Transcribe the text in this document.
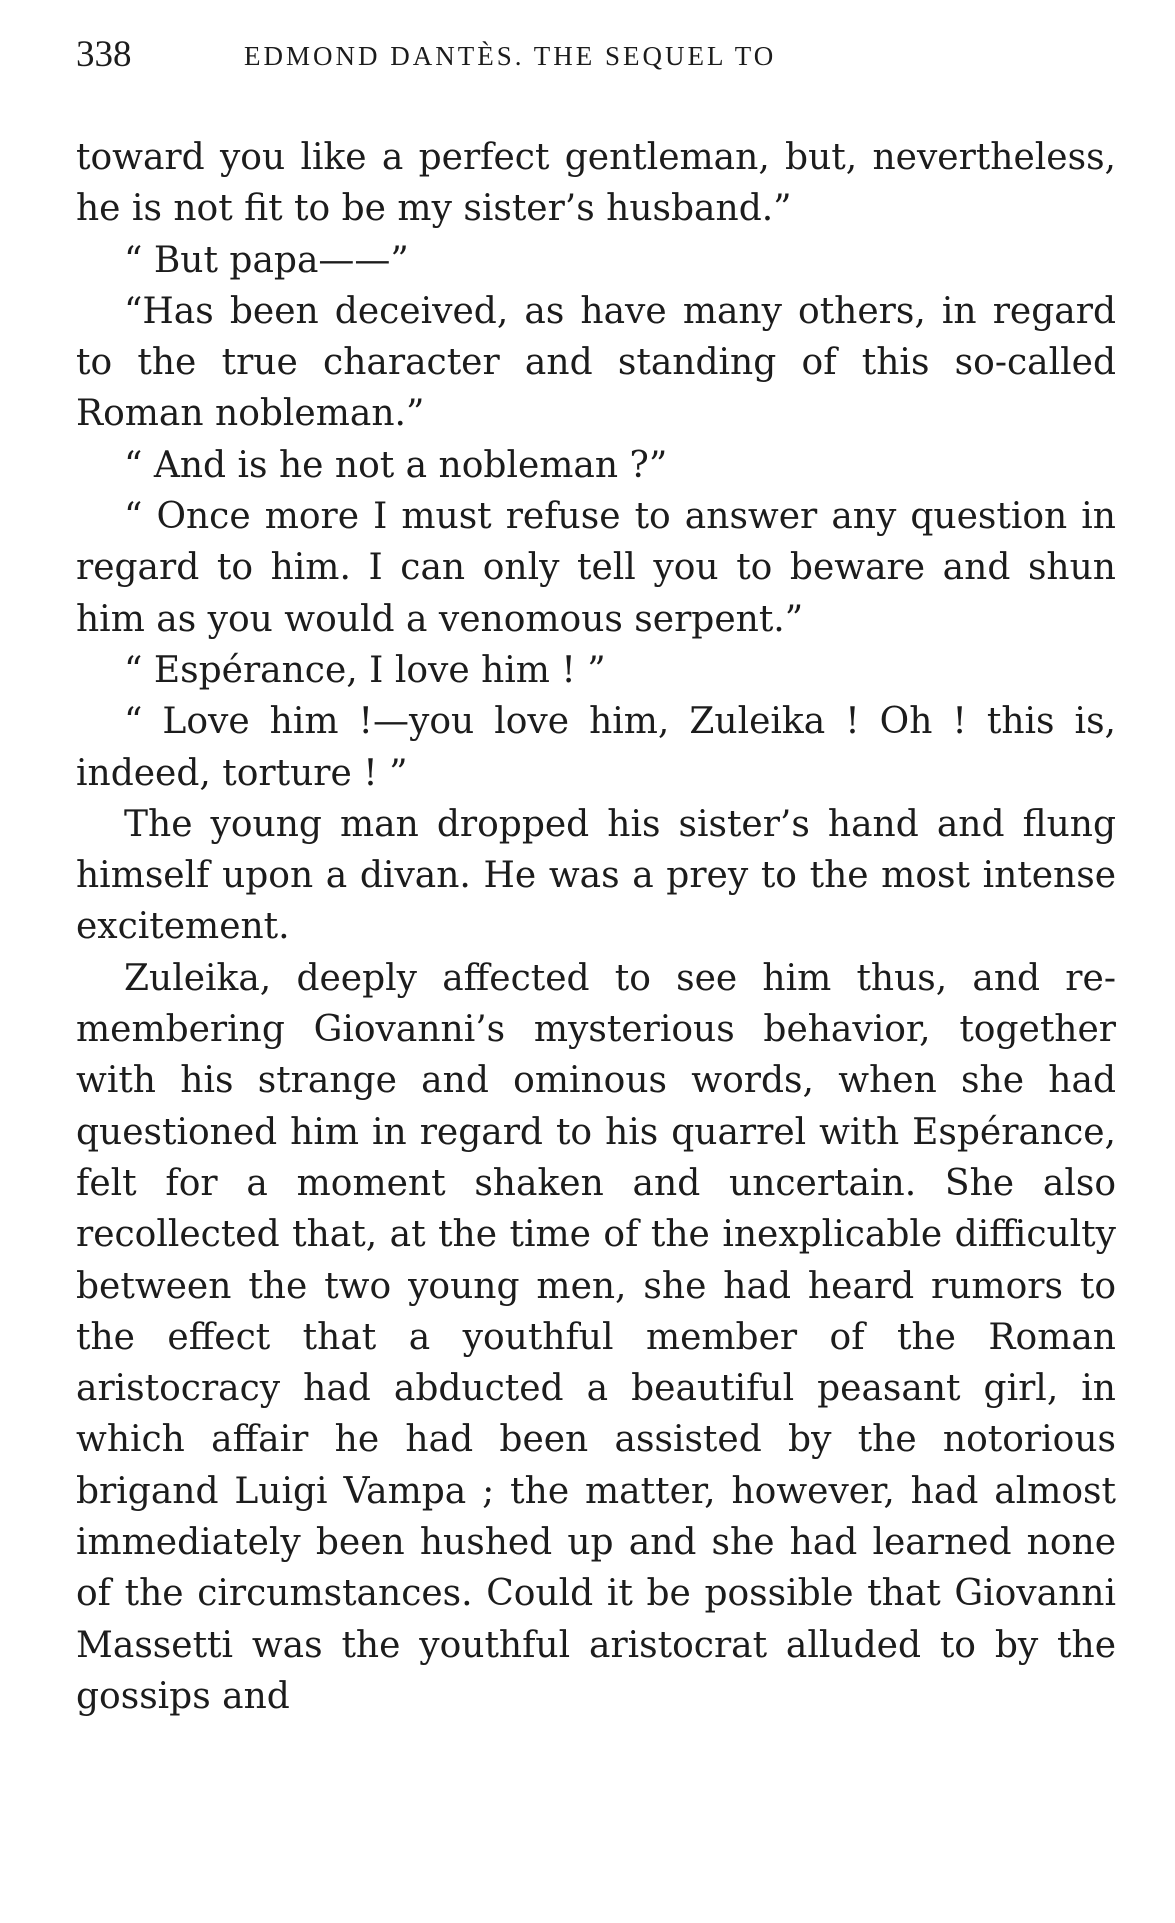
338	EDMOND DANTÈS. THE SEQUEL TO

toward you like a perfect gentleman, but, nevertheless, he is not fit to be my sister’s husband.”

“ But papa——”

“Has been deceived, as have many others, in regard to the true character and standing of this so-called Roman nobleman.”

“ And is he not a nobleman ?”

“ Once more I must refuse to answer any question in regard to him. I can only tell you to beware and shun him as you would a venomous serpent.”

“ Espérance, I love him ! ”

“ Love him !—you love him, Zuleika ! Oh ! this is, indeed, torture ! ”

The young man dropped his sister’s hand and flung himself upon a divan. He was a prey to the most intense excitement.

Zuleika, deeply affected to see him thus, and remembering Giovanni’s mysterious behavior, together with his strange and ominous words, when she had questioned him in regard to his quarrel with Espérance, felt for a moment shaken and uncertain. She also recollected that, at the time of the inexplicable difficulty between the two young men, she had heard rumors to the effect that a youthful member of the Roman aristocracy had abducted a beautiful peasant girl, in which affair he had been assisted by the notorious brigand Luigi Vampa ; the matter, however, had almost immediately been hushed up and she had learned none of the circumstances. Could it be possible that Giovanni Massetti was the youthful aristocrat alluded to by the gossips and
